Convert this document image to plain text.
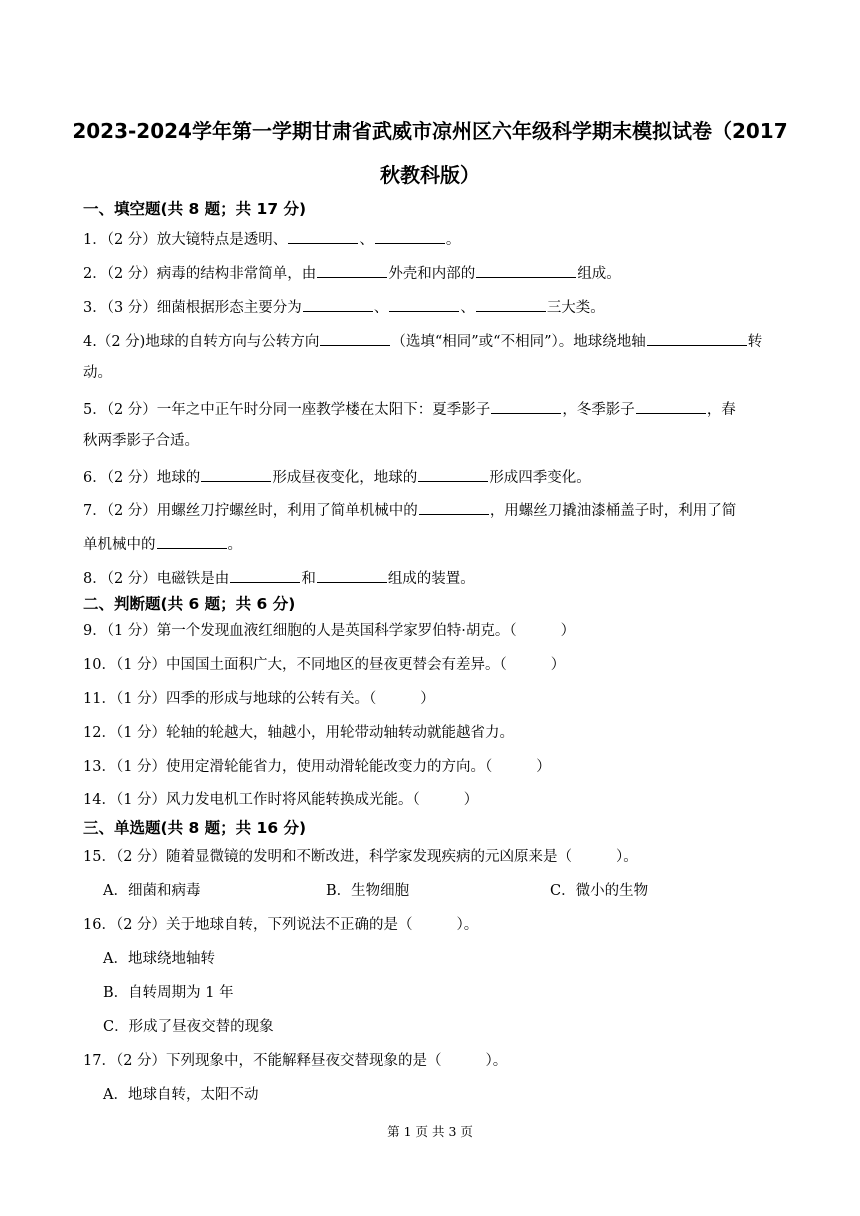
2023-2024学年第一学期甘肃省武威市凉州区六年级科学期末模拟试卷（2017
秋教科版）
一、填空题(共 8 题；共 17 分)
1．（2 分）放大镜特点是透明、	、	。
2．（2 分）病毒的结构非常简单，由	外壳和内部的	组成。
3．（3 分）细菌根据形态主要分为	、	、	三大类。
4.（2 分)地球的自转方向与公转方向	（选填“相同”或“不相同”）。地球绕地轴	转
动。
5．（2 分）一年之中正午时分同一座教学楼在太阳下：夏季影子	，冬季影子	，春
秋两季影子合适。
6．（2 分）地球的	形成昼夜变化，地球的	形成四季变化。
7．（2 分）用螺丝刀拧螺丝时，利用了简单机械中的	，用螺丝刀撬油漆桶盖子时，利用了简
单机械中的	。
8．（2 分）电磁铁是由	和	组成的装置。
二、判断题(共 6 题；共 6 分)
9．（1 分）第一个发现血液红细胞的人是英国科学家罗伯特·胡克。（	）
10．（1 分）中国国土面积广大，不同地区的昼夜更替会有差异。（	）
11．（1 分）四季的形成与地球的公转有关。（	）
12．（1 分）轮轴的轮越大，轴越小，用轮带动轴转动就能越省力。
13．（1 分）使用定滑轮能省力，使用动滑轮能改变力的方向。（	）
14．（1 分）风力发电机工作时将风能转换成光能。（	）
三、单选题(共 8 题；共 16 分)
15．（2 分）随着显微镜的发明和不断改进，科学家发现疾病的元凶原来是（	）。
A．细菌和病毒	B．生物细胞	C．微小的生物
16．（2 分）关于地球自转，下列说法不正确的是（	）。
A．地球绕地轴转
B．自转周期为 1 年
C．形成了昼夜交替的现象
17．（2 分）下列现象中，不能解释昼夜交替现象的是（	）。
A．地球自转，太阳不动
第 1 页 共 3 页
